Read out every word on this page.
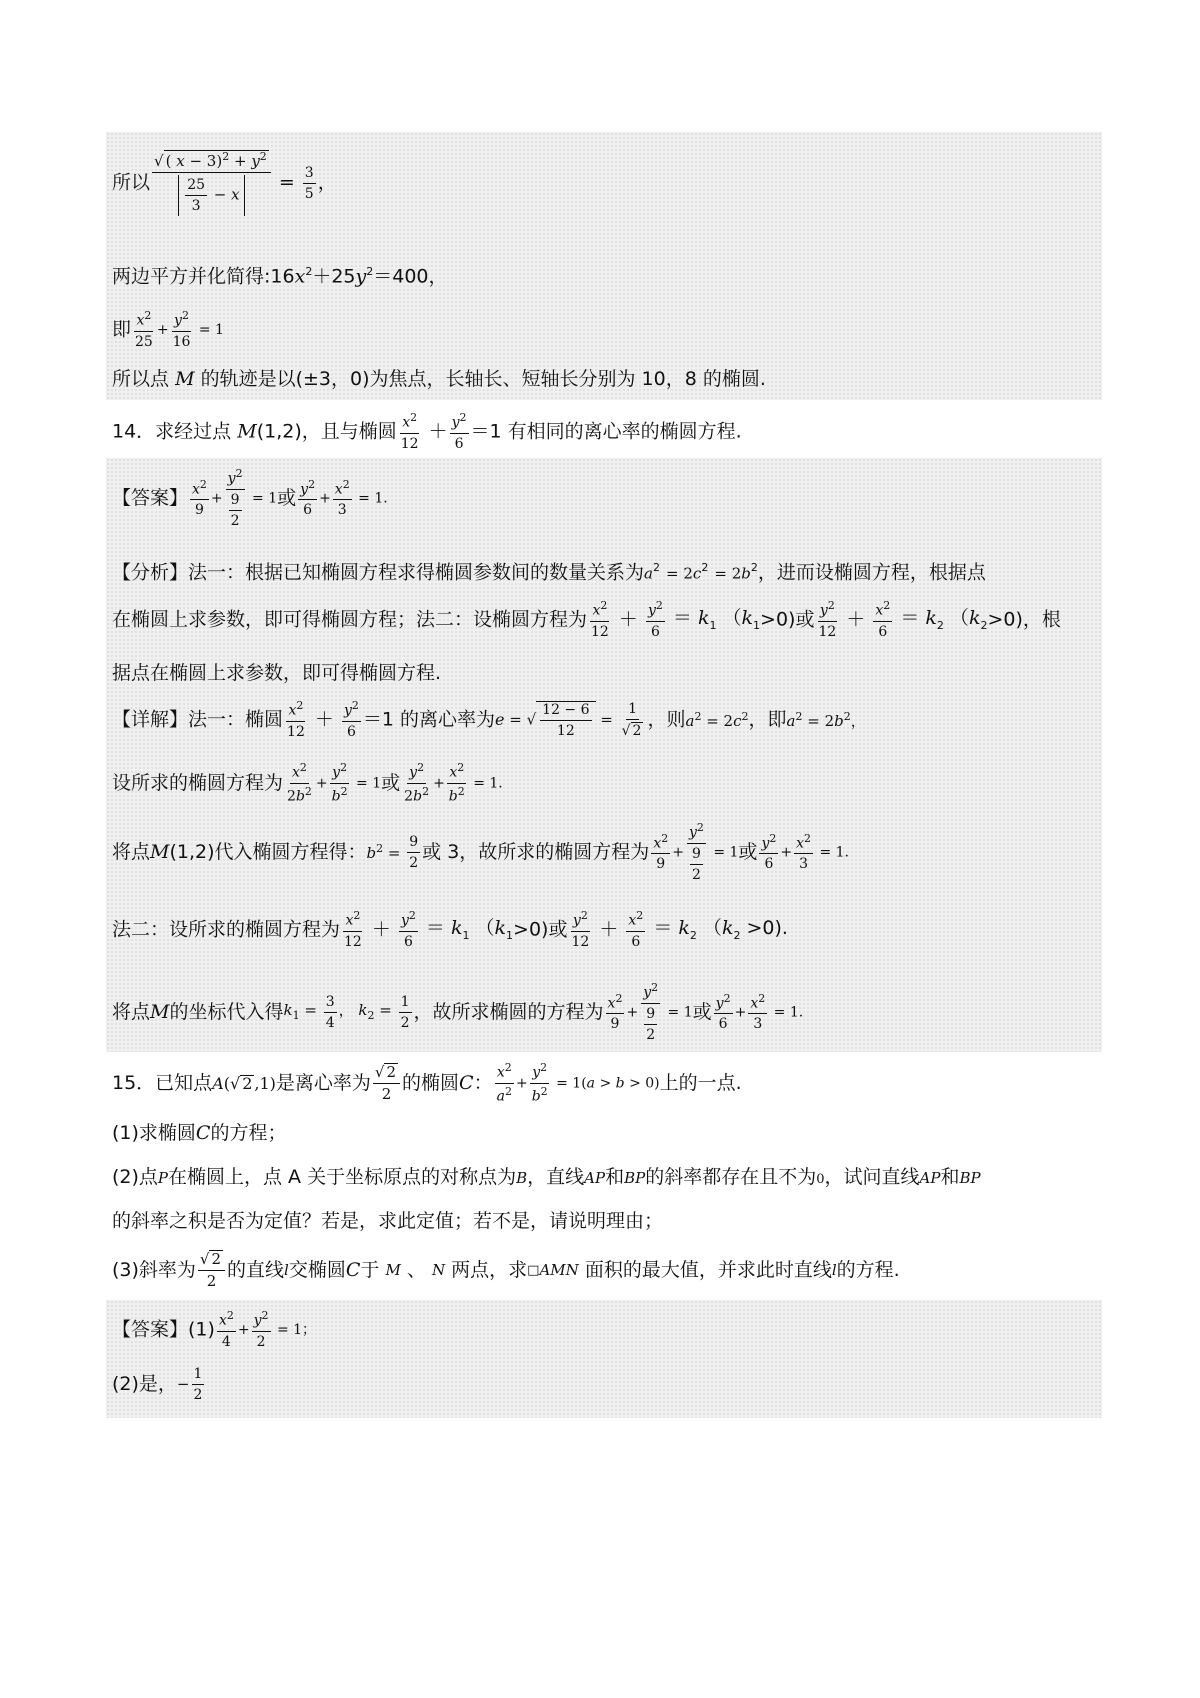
所以 $\frac{√ ( x - 3)^2 + y^2}{\frac{25}{3} - x} = \frac{3}{5}$ ，
两边平方并化简得$:16x^2+25y^2=400$，
即 $\frac{x^2}{25} + \frac{y^2}{16} = 1$
所以点 M 的轨迹是以(±3，0)为焦点，长轴长、短轴长分别为 10，8 的椭圆.
14．求经过点 M(1,2)，且与椭圆 $\frac{x^2}{12} + \frac{y^2}{6} =1$ 有相同的离心率的椭圆方程.
【答案】 $\frac{x^2}{9} + \frac{y^2}{\frac{9}{2}} = 1$或 $\frac{y^2}{6} + \frac{x^2}{3} = 1$.
【分析】法一：根据已知椭圆方程求得椭圆参数间的数量关系为$a^2 = 2c^2 = 2b^2$，进而设椭圆方程，根据点
在椭圆上求参数，即可得椭圆方程；法二：设椭圆方程为 $\frac{x^2}{12} + \frac{y^2}{6} = k_1$ $(k_1>0)$或 $\frac{y^2}{12} + \frac{x^2}{6} = k_2$ $(k_2>0)$，根
据点在椭圆上求参数，即可得椭圆方程.
【详解】法一：椭圆 $\frac{x^2}{12} + \frac{y^2}{6} =1$ 的离心率为e = √ $\frac{12 - 6}{12} = \frac{1}{√ 2}$ ，则$a^2 = 2c^2$，即$a^2 = 2b^2$，
设所求的椭圆方程为 $\frac{x^2}{2b^2} + \frac{y^2}{b^2} = 1$或 $\frac{y^2}{2b^2} + \frac{x^2}{b^2} = 1$.
将点M(1,2)代入椭圆方程得：$b^2 = \frac{9}{2}$ 或 3，故所求的椭圆方程为 $\frac{x^2}{9} + \frac{y^2}{\frac{9}{2}} = 1$或 $\frac{y^2}{6} + \frac{x^2}{3} = 1$.
法二：设所求的椭圆方程为 $\frac{x^2}{12} + \frac{y^2}{6} = k_1$ $(k_1>0)$或 $\frac{y^2}{12} + \frac{x^2}{6} = k_2$ $(k_2 >0)$.
将点M的坐标代入得$k_1 = \frac{3}{4}$ ， $k_2 = \frac{1}{2}$ ，故所求椭圆的方程为 $\frac{x^2}{9} + \frac{y^2}{\frac{9}{2}} = 1$或 $\frac{y^2}{6} + \frac{x^2}{3} = 1$.
15．已知点A(√ 2 ,1)是离心率为 $\frac{√ 2}{2}$ 的椭圆C： $\frac{x^2}{a^2} + \frac{y^2}{b^2} = 1(a > b > 0)$上的一点.
(1)求椭圆C的方程；
(2)点P在椭圆上，点 A 关于坐标原点的对称点为B，直线AP和BP的斜率都存在且不为0，试问直线AP和BP
的斜率之积是否为定值？若是，求此定值；若不是，请说明理由；
(3)斜率为 $\frac{√ 2}{2}$ 的直线l交椭圆C于 M 、 N 两点，求□AMN 面积的最大值，并求此时直线l的方程.
【答案】$(1) \frac{x^2}{4} + \frac{y^2}{2} = 1$；
(2)是，− $\frac{1}{2}$
